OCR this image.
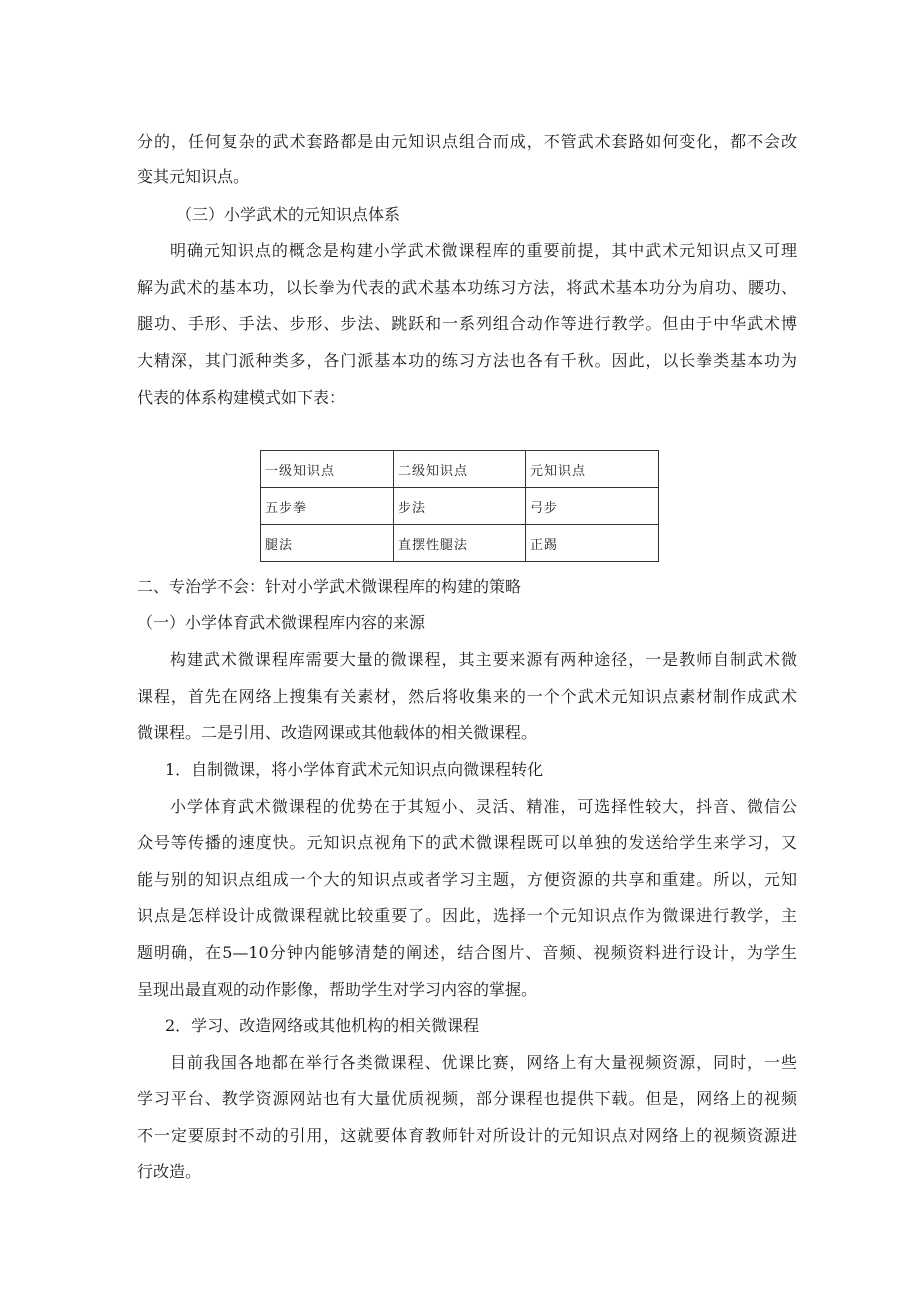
分的，任何复杂的武术套路都是由元知识点组合而成，不管武术套路如何变化，都不会改
变其元知识点。
（三）小学武术的元知识点体系
明确元知识点的概念是构建小学武术微课程库的重要前提，其中武术元知识点又可理
解为武术的基本功，以长拳为代表的武术基本功练习方法，将武术基本功分为肩功、腰功、
腿功、手形、手法、步形、步法、跳跃和一系列组合动作等进行教学。但由于中华武术博
大精深，其门派种类多，各门派基本功的练习方法也各有千秋。因此，以长拳类基本功为
代表的体系构建模式如下表：
一级知识点	二级知识点	元知识点
五步拳	步法	弓步
腿法	直摆性腿法	正踢
二、专治学不会：针对小学武术微课程库的构建的策略
（一）小学体育武术微课程库内容的来源
构建武术微课程库需要大量的微课程，其主要来源有两种途径，一是教师自制武术微
课程，首先在网络上搜集有关素材，然后将收集来的一个个武术元知识点素材制作成武术
微课程。二是引用、改造网课或其他载体的相关微课程。
1．自制微课，将小学体育武术元知识点向微课程转化
小学体育武术微课程的优势在于其短小、灵活、精准，可选择性较大，抖音、微信公
众号等传播的速度快。元知识点视角下的武术微课程既可以单独的发送给学生来学习，又
能与别的知识点组成一个大的知识点或者学习主题，方便资源的共享和重建。所以，元知
识点是怎样设计成微课程就比较重要了。因此，选择一个元知识点作为微课进行教学，主
题明确，在5—10分钟内能够清楚的阐述，结合图片、音频、视频资料进行设计，为学生
呈现出最直观的动作影像，帮助学生对学习内容的掌握。
2．学习、改造网络或其他机构的相关微课程
目前我国各地都在举行各类微课程、优课比赛，网络上有大量视频资源，同时，一些
学习平台、教学资源网站也有大量优质视频，部分课程也提供下载。但是，网络上的视频
不一定要原封不动的引用，这就要体育教师针对所设计的元知识点对网络上的视频资源进
行改造。
